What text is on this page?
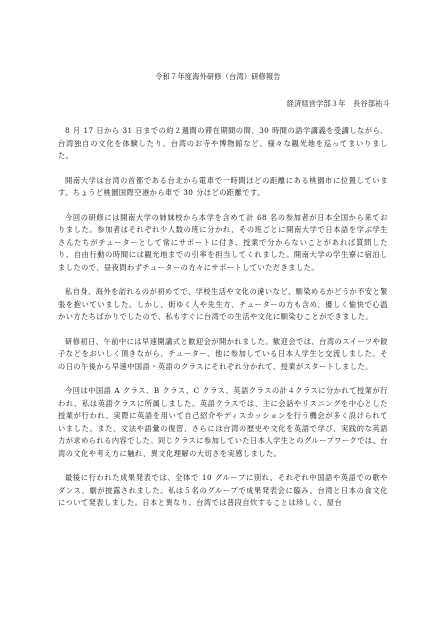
令和７年度海外研修（台湾）研修報告
経済経営学部３年　長谷部祐斗

8 月 17 日から 31 日までの約２週間の滞在期間の間、30 時間の語学講義を受講しながら、台湾独自の文化を体験したり、台湾のお寺や博物館など、様々な観光地を巡ってまいりました。

開南大学は台湾の首都である台北から電車で一時間ほどの距離にある桃園市に位置しています。ちょうど桃園国際空港から車で 30 分ほどの距離です。

今回の研修には開南大学の姉妹校から本学を含めて計 68 名の参加者が日本全国から来ておりました。参加者はそれぞれ少人数の班に分かれ、その班ごとに開南大学で日本語を学ぶ学生さんたちがチューターとして常にサポートに付き、授業で分からないことがあれば質問したり、自由行動の時間には観光地までの引率を担当してくれました。開南大学の学生寮に宿泊しましたので、昼夜問わずチューターの方々にサポートしていただきました。

私自身、海外を訪れるのが初めてで、学校生活や文化の違いなど、馴染めるかどうか不安と緊張を抱いていました。しかし、街ゆく人や先生方、チューターの方も含め、優しく愉快で心温かい方たちばかりでしたので、私もすぐに台湾での生活や文化に馴染むことができました。

研修初日、午前中には早速開講式と歓迎会が開かれました。歓迎会では、台湾のスイーツや餃子などをおいしく頂きながら、チューター、他に参加している日本人学生と交流しました。その日の午後から早速中国語・英語のクラスにそれぞれ分かれて、授業がスタートしました。

今回は中国語 A クラス、B クラス、C クラス、英語クラスの計４クラスに分かれて授業が行われ、私は英語クラスに所属しました。英語クラスでは、主に会話やリスニングを中心とした授業が行われ、実際に英語を用いて自己紹介やディスカッションを行う機会が多く設けられていました。また、文法や語彙の復習、さらには台湾の歴史や文化を英語で学び、実践的な英語力が求められる内容でした。同じクラスに参加していた日本人学生とのグループワークでは、台湾の文化や考え方に触れ、異文化理解の大切さを実感しました。

最後に行われた成果発表では、全体で 10 グループに別れ、それぞれ中国語や英語での歌やダンス、劇が披露されました。私は５名のグループで成果発表会に臨み、台湾と日本の食文化について発表しました。日本と異なり、台湾では普段自炊することは珍しく、屋台
